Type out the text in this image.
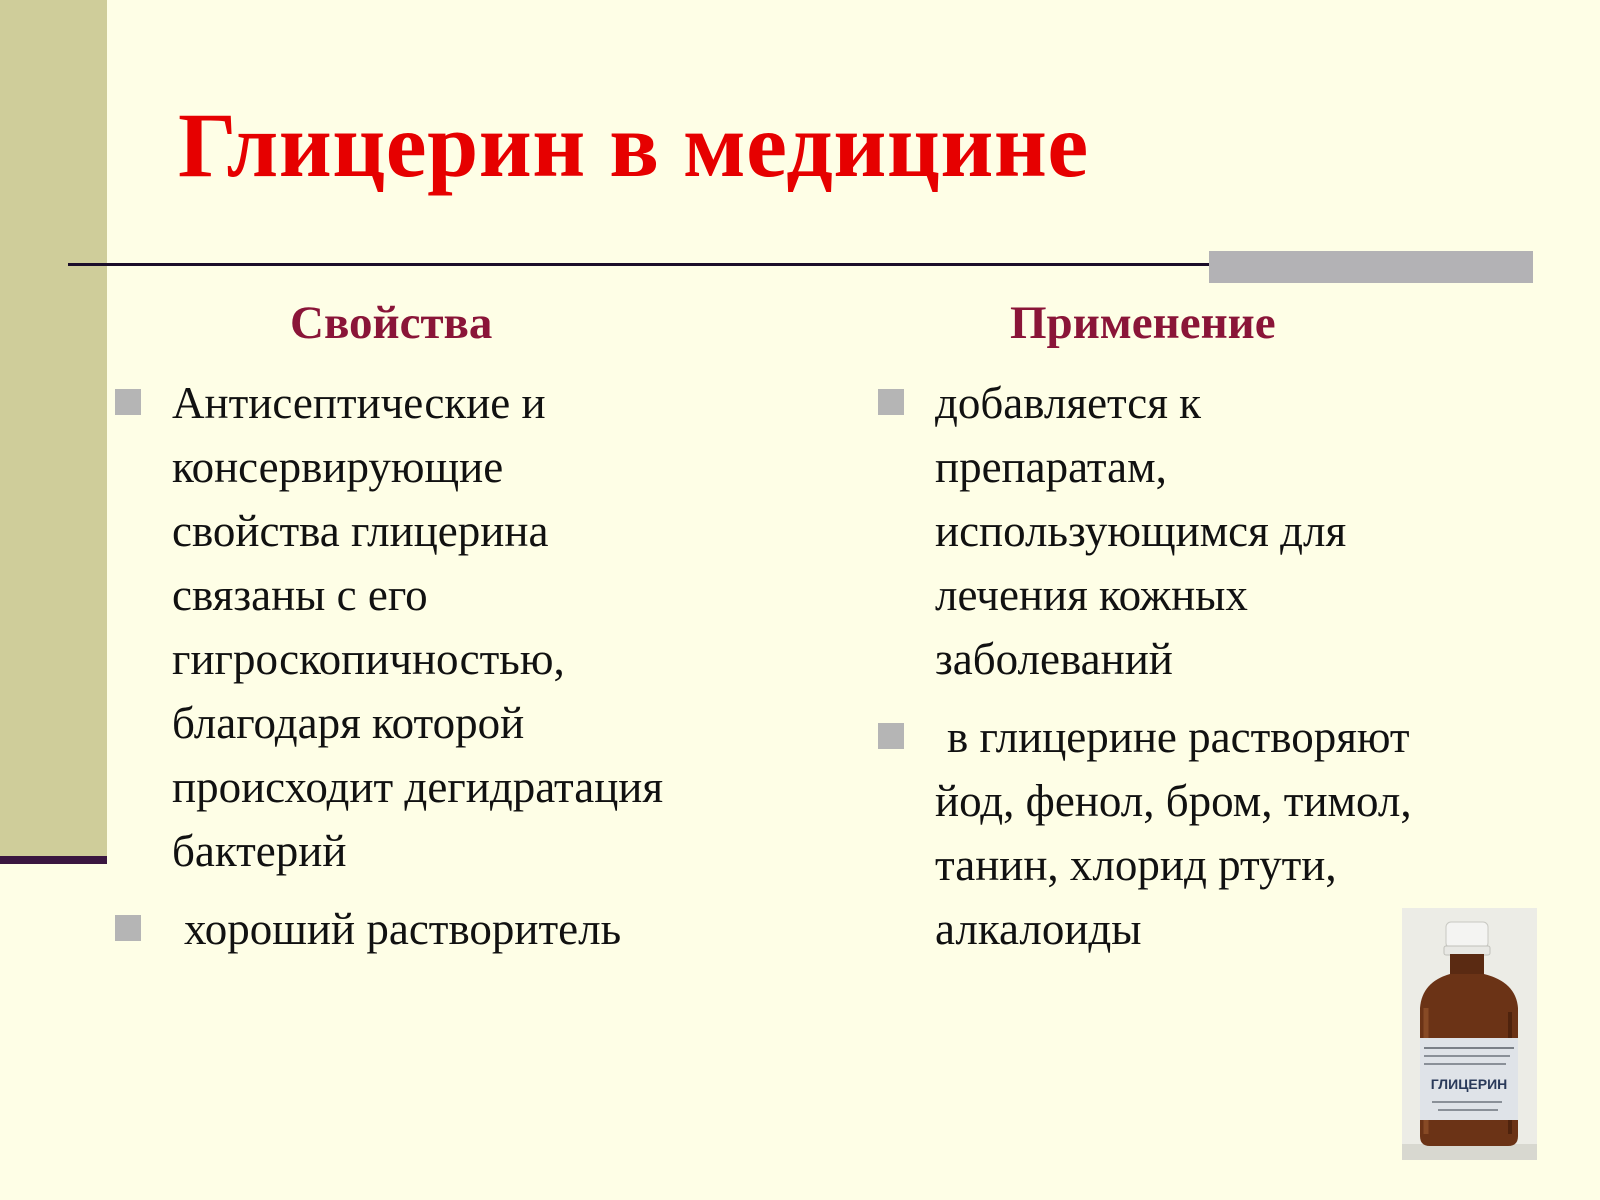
Глицерин в медицине
Свойства	Применение
Антисептические и
консервирующие
свойства глицерина
связаны с его
гигроскопичностью,
благодаря которой
происходит дегидратация
бактерий
хороший растворитель
добавляется к
препаратам,
использующимся для
лечения кожных
заболеваний
в глицерине растворяют
йод, фенол, бром, тимол,
танин, хлорид ртути,
алкалоиды
ГЛИЦЕРИН
